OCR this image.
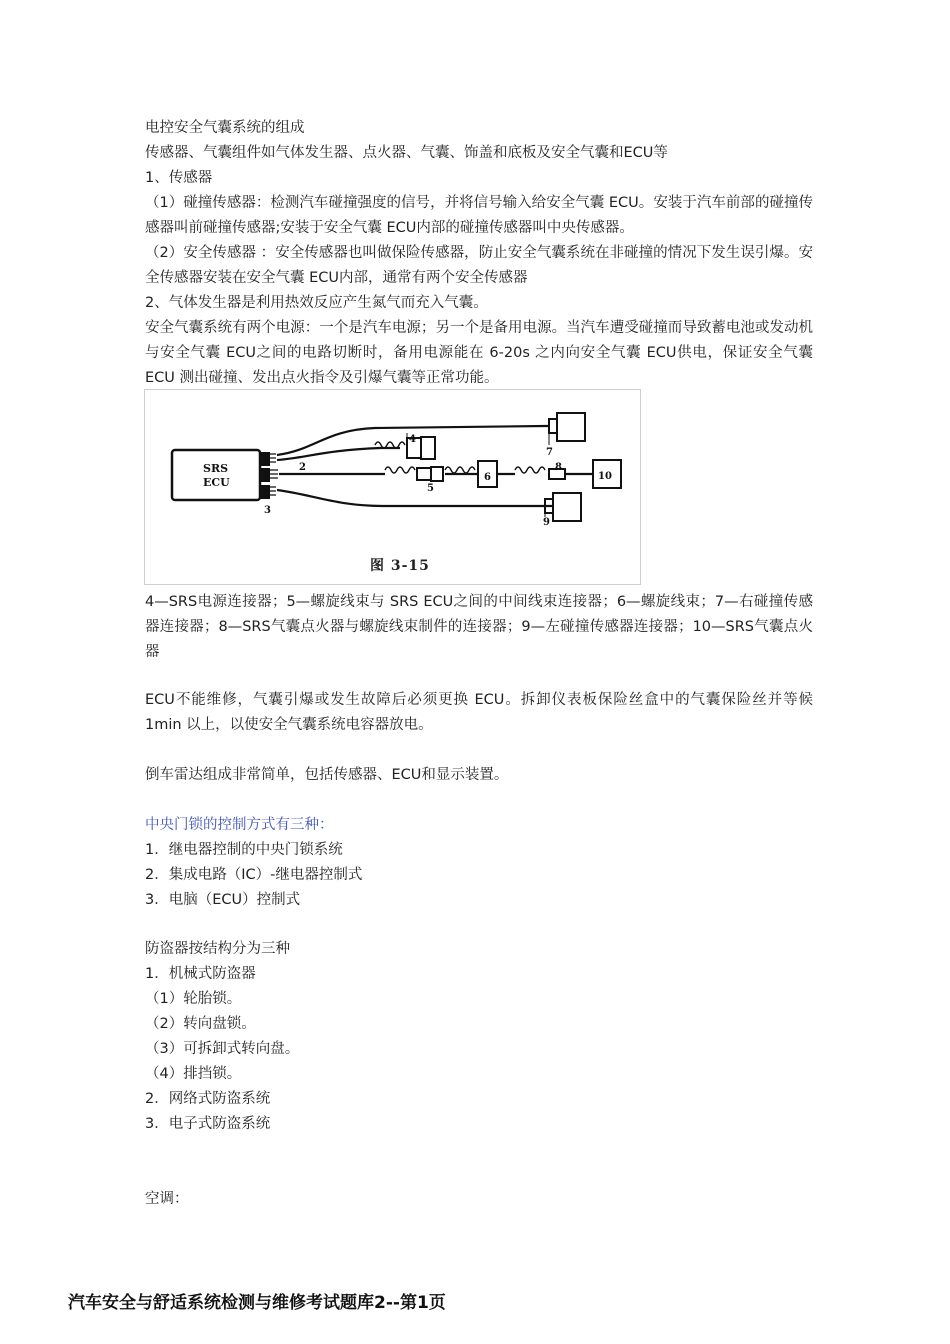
电控安全气囊系统的组成
传感器、气囊组件如气体发生器、点火器、气囊、饰盖和底板及安全气囊和ECU等
1、传感器
（1）碰撞传感器：检测汽车碰撞强度的信号，并将信号输入给安全气囊 ECU。安装于汽车前部的碰撞传感器叫前碰撞传感器;安装于安全气囊 ECU内部的碰撞传感器叫中央传感器。
（2）安全传感器 ：安全传感器也叫做保险传感器，防止安全气囊系统在非碰撞的情况下发生误引爆。安全传感器安装在安全气囊 ECU内部，通常有两个安全传感器
2、气体发生器是利用热效反应产生氮气而充入气囊。
安全气囊系统有两个电源：一个是汽车电源；另一个是备用电源。当汽车遭受碰撞而导致蓄电池或发动机与安全气囊 ECU之间的电路切断时，备用电源能在 6-20s 之内向安全气囊 ECU供电，保证安全气囊 ECU 测出碰撞、发出点火指令及引爆气囊等正常功能。
SRS
ECU
4
2
3
5
6
7
8
9
10
图 3-15
4—SRS电源连接器；5—螺旋线束与 SRS ECU之间的中间线束连接器；6—螺旋线束；7—右碰撞传感器连接器；8—SRS气囊点火器与螺旋线束制件的连接器；9—左碰撞传感器连接器；10—SRS气囊点火器
ECU不能维修，气囊引爆或发生故障后必须更换 ECU。拆卸仪表板保险丝盒中的气囊保险丝并等候 1min 以上，以使安全气囊系统电容器放电。
倒车雷达组成非常简单，包括传感器、ECU和显示装置。
中央门锁的控制方式有三种：
1．继电器控制的中央门锁系统
2．集成电路（IC）-继电器控制式
3．电脑（ECU）控制式
防盗器按结构分为三种
1．机械式防盗器
（1）轮胎锁。
（2）转向盘锁。
（3）可拆卸式转向盘。
（4）排挡锁。
2．网络式防盗系统
3．电子式防盗系统
空调：
汽车安全与舒适系统检测与维修考试题库2--第1页
